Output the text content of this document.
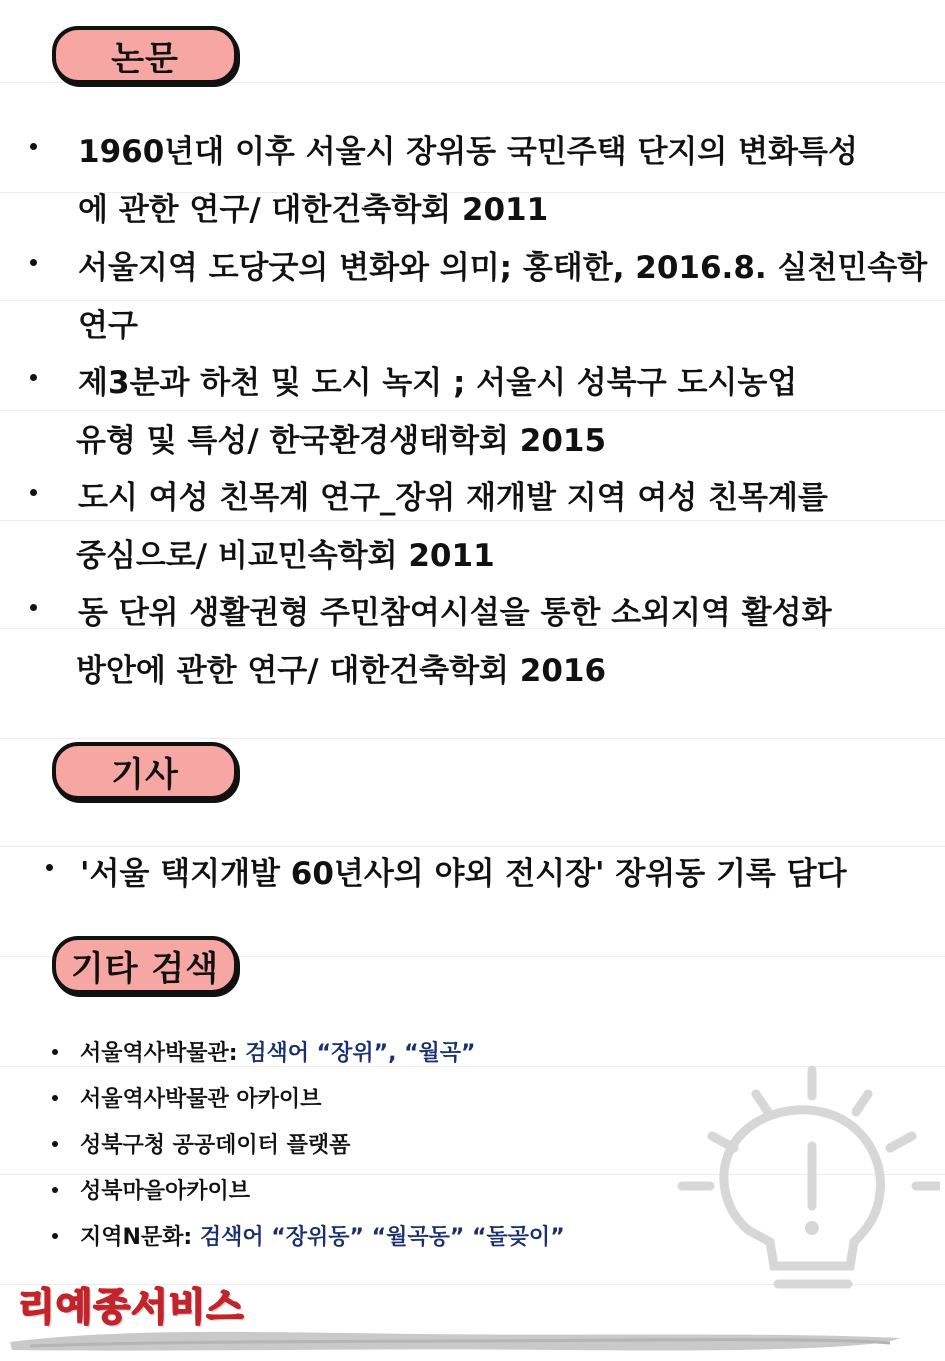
논문
1960년대 이후 서울시 장위동 국민주택 단지의 변화특성
에 관한 연구/ 대한건축학회 2011
서울지역 도당굿의 변화와 의미; 홍태한, 2016.8. 실천민속학
연구
제3분과 하천 및 도시 녹지 ; 서울시 성북구 도시농업
유형 및 특성/ 한국환경생태학회 2015
도시 여성 친목계 연구_장위 재개발 지역 여성 친목계를
중심으로/ 비교민속학회 2011
동 단위 생활권형 주민참여시설을 통한 소외지역 활성화
방안에 관한 연구/ 대한건축학회 2016
기사
'서울 택지개발 60년사의 야외 전시장' 장위동 기록 담다
기타 검색
서울역사박물관: 검색어 “장위”, “월곡”
서울역사박물관 아카이브
성북구청 공공데이터 플랫폼
성북마을아카이브
지역N문화: 검색어 “장위동” “월곡동” “돌곶이”
리예종서비스
